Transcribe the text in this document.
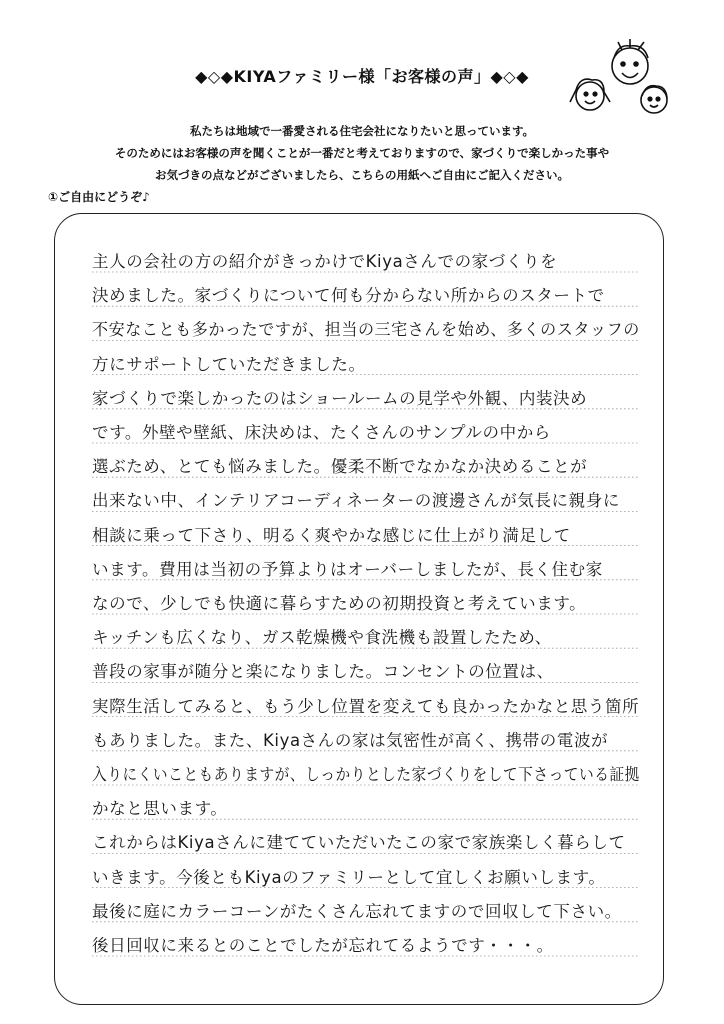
◆◇◆KIYAファミリー様「お客様の声」◆◇◆
私たちは地域で一番愛される住宅会社になりたいと思っています。
そのためにはお客様の声を聞くことが一番だと考えておりますので、家づくりで楽しかった事や
お気づきの点などがございましたら、こちらの用紙へご自由にご記入ください。
①ご自由にどうぞ♪
主人の会社の方の紹介がきっかけでKiyaさんでの家づくりを
決めました。家づくりについて何も分からない所からのスタートで
不安なことも多かったですが、担当の三宅さんを始め、多くのスタッフの
方にサポートしていただきました。
家づくりで楽しかったのはショールームの見学や外観、内装決め
です。外壁や壁紙、床決めは、たくさんのサンプルの中から
選ぶため、とても悩みました。優柔不断でなかなか決めることが
出来ない中、インテリアコーディネーターの渡邊さんが気長に親身に
相談に乗って下さり、明るく爽やかな感じに仕上がり満足して
います。費用は当初の予算よりはオーバーしましたが、長く住む家
なので、少しでも快適に暮らすための初期投資と考えています。
キッチンも広くなり、ガス乾燥機や食洗機も設置したため、
普段の家事が随分と楽になりました。コンセントの位置は、
実際生活してみると、もう少し位置を変えても良かったかなと思う箇所
もありました。また、Kiyaさんの家は気密性が高く、携帯の電波が
入りにくいこともありますが、しっかりとした家づくりをして下さっている証拠
かなと思います。
これからはKiyaさんに建てていただいたこの家で家族楽しく暮らして
いきます。今後ともKiyaのファミリーとして宜しくお願いします。
最後に庭にカラーコーンがたくさん忘れてますので回収して下さい。
後日回収に来るとのことでしたが忘れてるようです・・・。
